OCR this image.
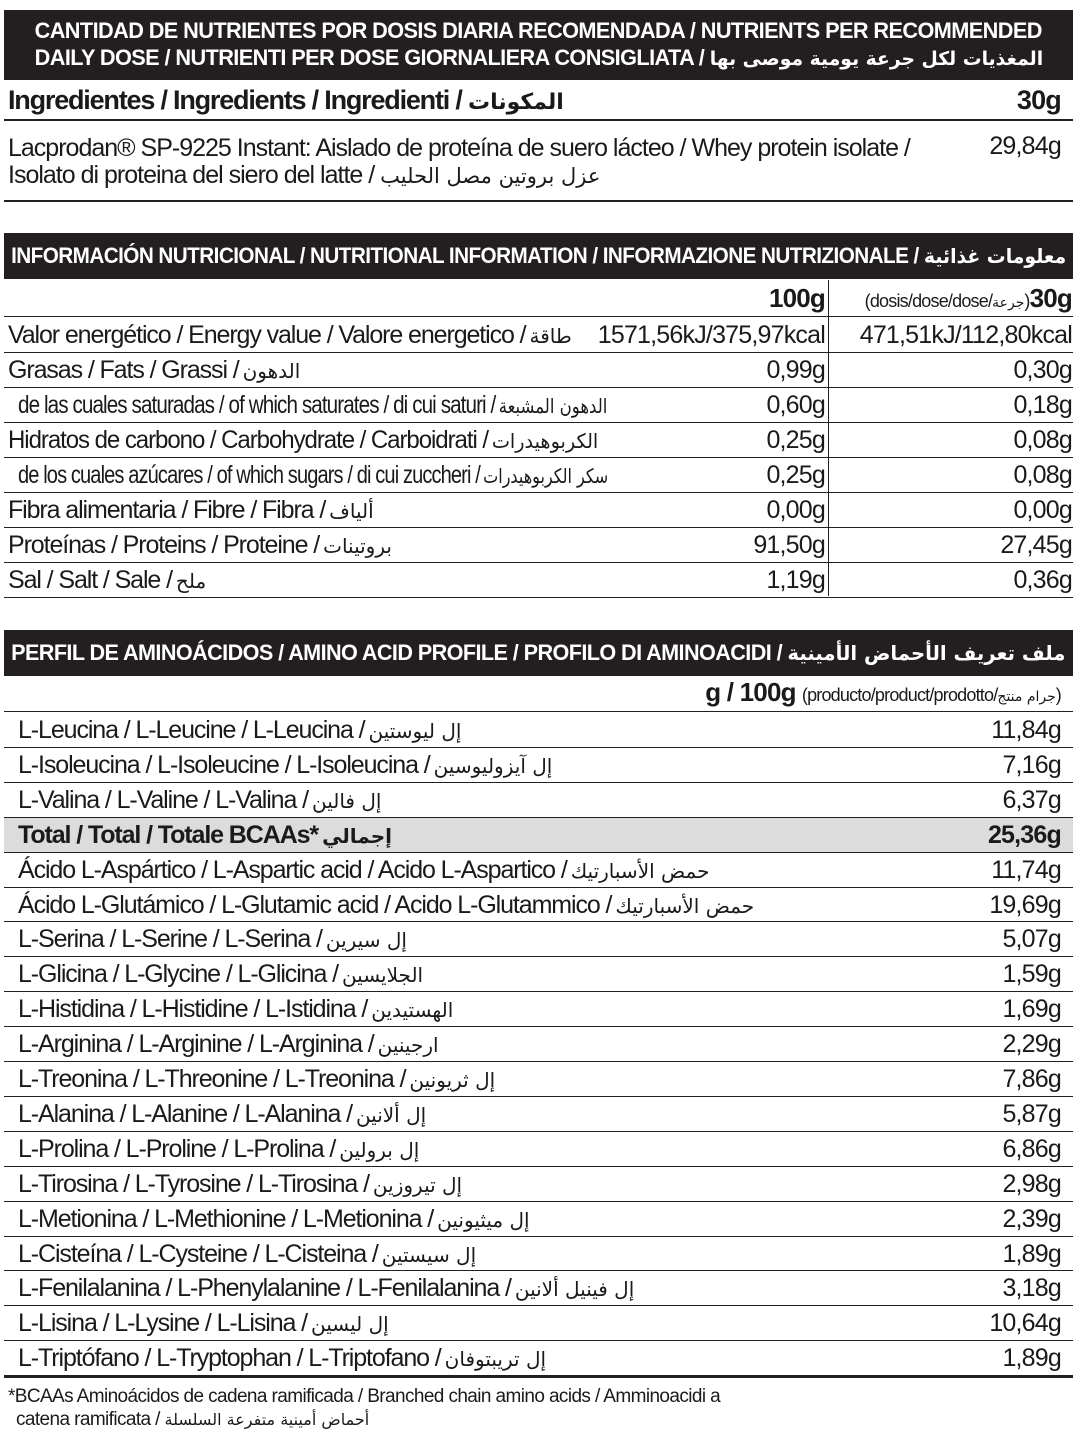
CANTIDAD DE NUTRIENTES POR DOSIS DIARIA RECOMENDADA / NUTRIENTS PER RECOMMENDED
DAILY DOSE / NUTRIENTI PER DOSE GIORNALIERA CONSIGLIATA / المغذيات لكل جرعة يومية موصى بها
Ingredientes / Ingredients / Ingredienti / المكونات	30g
Lacprodan® SP-9225 Instant: Aislado de proteína de suero lácteo / Whey protein isolate /
Isolato di proteina del siero del latte / عزل بروتين مصل الحليب
29,84g
INFORMACIÓN NUTRICIONAL / NUTRITIONAL INFORMATION / INFORMAZIONE NUTRIZIONALE / معلومات غذائية
100g (dosis/dose/dose/جرعة)30g
Valor energético / Energy value / Valore energetico / طاقة 1571,56kJ/375,97kcal 471,51kJ/112,80kcal
Grasas / Fats / Grassi / الدهون	0,99g	0,30g
de las cuales saturadas / of which saturates / di cui saturi / الدهون المشبعة	0,60g	0,18g
Hidratos de carbono / Carbohydrate / Carboidrati / الكربوهيدرات	0,25g	0,08g
de los cuales azúcares / of which sugars / di cui zuccheri / سكر الكربوهيدرات	0,25g	0,08g
Fibra alimentaria / Fibre / Fibra / ألياف	0,00g	0,00g
Proteínas / Proteins / Proteine / بروتينات	91,50g	27,45g
Sal / Salt / Sale / ملح	1,19g	0,36g
PERFIL DE AMINOÁCIDOS / AMINO ACID PROFILE / PROFILO DI AMINOACIDI / ملف تعريف الأحماض الأمينية
g / 100g (producto/product/prodotto/جرام منتج)
L-Leucina / L-Leucine / L-Leucina / إل ليوستين	11,84g
L-Isoleucina / L-Isoleucine / L-Isoleucina / إل آيزوليوسين	7,16g
L-Valina / L-Valine / L-Valina / إل فالين	6,37g
Total / Total / Totale BCAAs* إجمالي	25,36g
Ácido L-Aspártico / L-Aspartic acid / Acido L-Aspartico / حمض الأسبارتيك	11,74g
Ácido L-Glutámico / L-Glutamic acid / Acido L-Glutammico / حمض الأسبارتيك	19,69g
L-Serina / L-Serine / L-Serina / إل سيرين	5,07g
L-Glicina / L-Glycine / L-Glicina / الجلايسين	1,59g
L-Histidina / L-Histidine / L-Istidina / الهستيدين	1,69g
L-Arginina / L-Arginine / L-Arginina / ارجينين	2,29g
L-Treonina / L-Threonine / L-Treonina / إل ثريونين	7,86g
L-Alanina / L-Alanine / L-Alanina / إل ألانين	5,87g
L-Prolina / L-Proline / L-Prolina / إل برولين	6,86g
L-Tirosina / L-Tyrosine / L-Tirosina / إل تيروزين	2,98g
L-Metionina / L-Methionine / L-Metionina / إل ميثيونين	2,39g
L-Cisteína / L-Cysteine / L-Cisteina / إل سيستين	1,89g
L-Fenilalanina / L-Phenylalanine / L-Fenilalanina / إل فينيل ألانين	3,18g
L-Lisina / L-Lysine / L-Lisina / إل ليسين	10,64g
L-Triptófano / L-Tryptophan / L-Triptofano / إل تريبتوفان	1,89g
*BCAAs Aminoácidos de cadena ramificada / Branched chain amino acids / Amminoacidi a
catena ramificata / أحماض أمينية متفرعة السلسلة
